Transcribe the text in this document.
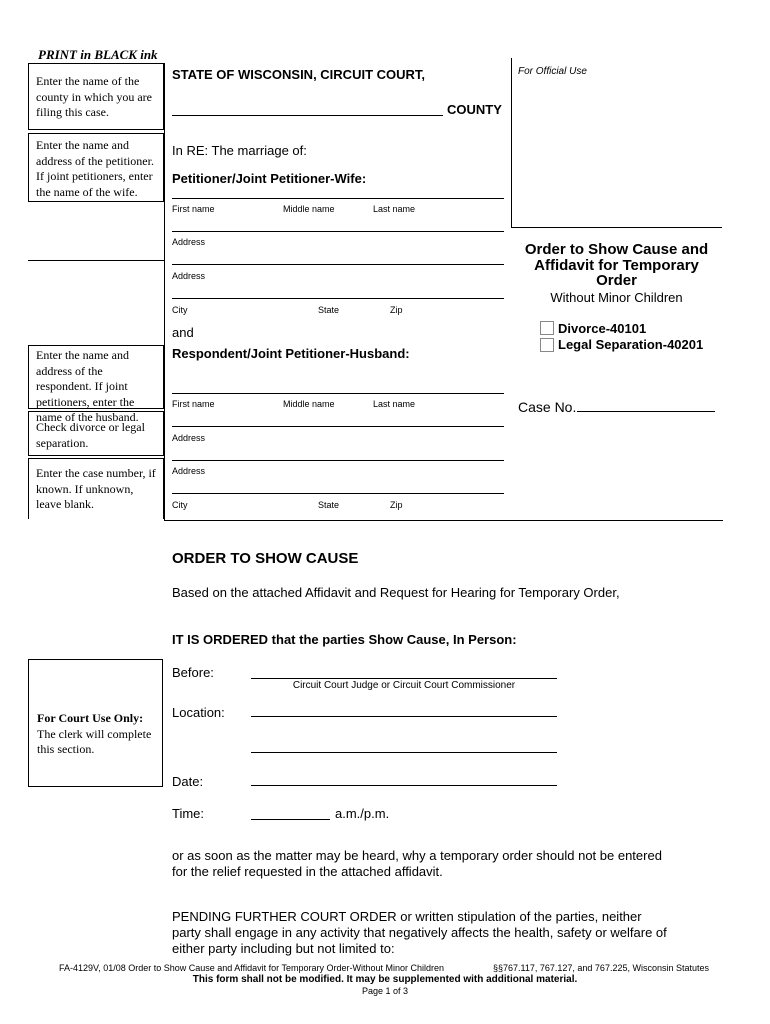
PRINT in BLACK ink
Enter the name of the county in which you are filing this case.
Enter the name and address of the petitioner. If joint petitioners, enter the name of the wife.
Enter the name and address of the respondent. If joint petitioners, enter the name of the husband.
Check divorce or legal separation.
Enter the case number, if known. If unknown, leave blank.
STATE OF WISCONSIN, CIRCUIT COURT,
COUNTY
For Official Use
In RE: The marriage of:
Petitioner/Joint Petitioner-Wife:
First name	Middle name	Last name
Address
Address
City	State	Zip
and
Respondent/Joint Petitioner-Husband:
First name	Middle name	Last name
Address
Address
City	State	Zip
Order to Show Cause and
Affidavit for Temporary
Order
Without Minor Children
Divorce-40101
Legal Separation-40201
Case No.
ORDER TO SHOW CAUSE
Based on the attached Affidavit and Request for Hearing for Temporary Order,
IT IS ORDERED that the parties Show Cause, In Person:
For Court Use Only:
The clerk will complete this section.
Before:
Circuit Court Judge or Circuit Court Commissioner
Location:
Date:
Time:	a.m./p.m.
or as soon as the matter may be heard, why a temporary order should not be entered for the relief requested in the attached affidavit.
PENDING FURTHER COURT ORDER or written stipulation of the parties, neither party shall engage in any activity that negatively affects the health, safety or welfare of either party including but not limited to:
FA-4129V, 01/08 Order to Show Cause and Affidavit for Temporary Order-Without Minor Children	§§767.117, 767.127, and 767.225, Wisconsin Statutes
This form shall not be modified. It may be supplemented with additional material.
Page 1 of 3
